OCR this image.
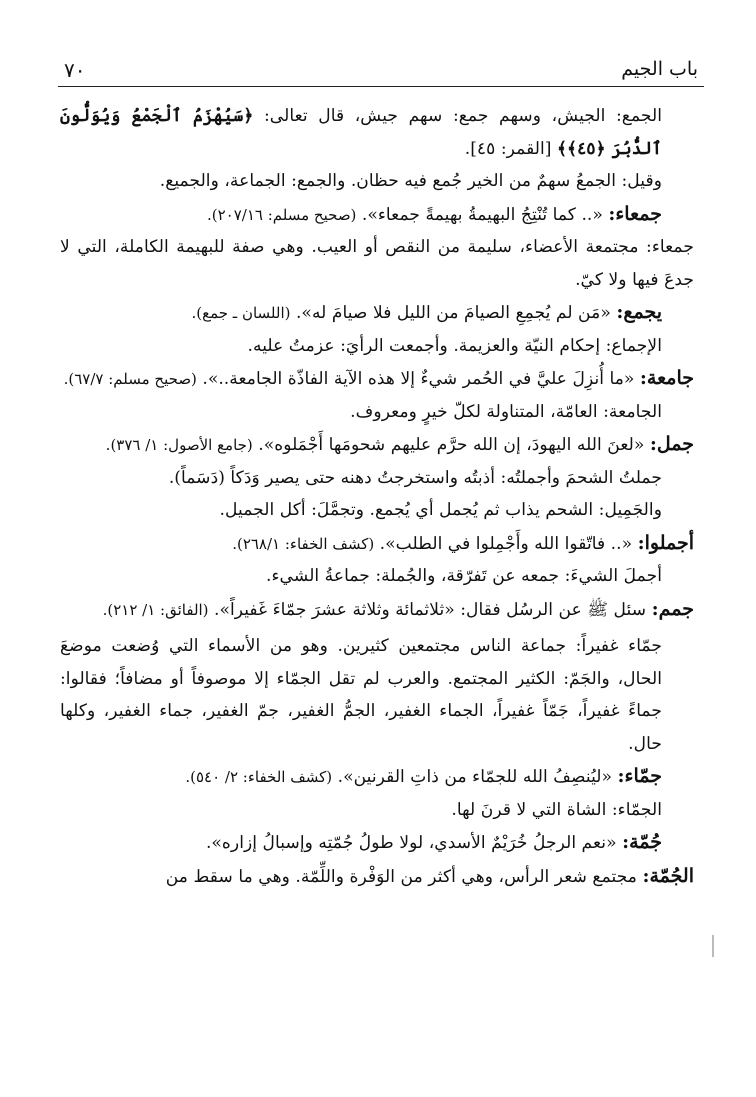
باب الجيم
٧٠

الجمع: الجيش، وسهم جمع: سهم جيش، قال تعالى: ﴿سَيُهْزَمُ ٱلْجَمْعُ وَيُوَلُّونَ ٱلدُّبُرَ ﴿٤٥﴾﴾ [القمر: ٤٥].

وقيل: الجمعُ سهمٌ من الخير جُمع فيه حظان. والجمع: الجماعة، والجميع.

جمعاء: «.. كما تُنْتِجُ البهيمةُ بهيمةً جمعاء». (صحيح مسلم: ٢٠٧/١٦).

جمعاء: مجتمعة الأعضاء، سليمة من النقص أو العيب. وهي صفة للبهيمة الكاملة، التي لا جدعَ فيها ولا كيّ.

يجمع: «مَن لم يُجمِعِ الصيامَ من الليل فلا صيامَ له». (اللسان ـ جمع).

الإجماع: إحكام النيّة والعزيمة. وأجمعت الرأيَ: عزمتُ عليه.

جامعة: «ما أُنزِلَ عليَّ في الحُمر شيءٌ إلا هذه الآية الفاذّة الجامعة..». (صحيح مسلم: ٦٧/٧).

الجامعة: العامّة، المتناولة لكلّ خيرٍ ومعروف.

جمل: «لعنَ الله اليهودَ، إن الله حرَّم عليهم شحومَها أَجْمَلوه». (جامع الأصول: ١/ ٣٧٦).

جملتُ الشحمَ وأجملتُه: أذبتُه واستخرجتُ دهنه حتى يصير وَدَكاً (دَسَماً).

والجَمِيل: الشحم يذاب ثم يُجمل أي يُجمع. وتجمَّلَ: أكل الجميل.

أجملوا: «.. فاتّقوا الله وأَجْمِلوا في الطلب». (كشف الخفاء: ٢٦٨/١).

أجملَ الشيءَ: جمعه عن تَفرّقة، والجُملة: جماعةُ الشيء.

جمم: سئل ﷺ عن الرسُل فقال: «ثلاثمائة وثلاثة عشرَ جمّاءَ غَفيراً». (الفائق: ١/ ٢١٢).

جمّاء غفيراً: جماعة الناس مجتمعين كثيرين. وهو من الأسماء التي وُضعت موضعَ الحال، والجَمّ: الكثير المجتمع. والعرب لم تقل الجمّاء إلا موصوفاً أو مضافاً؛ فقالوا: جماءً غفيراً، جَمّاً غفيراً، الجماء الغفير، الجمُّ الغفير، جمّ الغفير، جماء الغفير، وكلها حال.

جمّاء: «ليُنصِفُ الله للجمّاء من ذاتِ القرنين». (كشف الخفاء: ٢/ ٥٤٠).

الجمّاء: الشاة التي لا قرنَ لها.

جُمّة: «نعم الرجلُ خُرَيْمٌ الأسدي، لولا طولُ جُمّتِه وإسبالُ إزاره».

الجُمّة: مجتمع شعر الرأس، وهي أكثر من الوَفْرة واللِّمّة. وهي ما سقط من
